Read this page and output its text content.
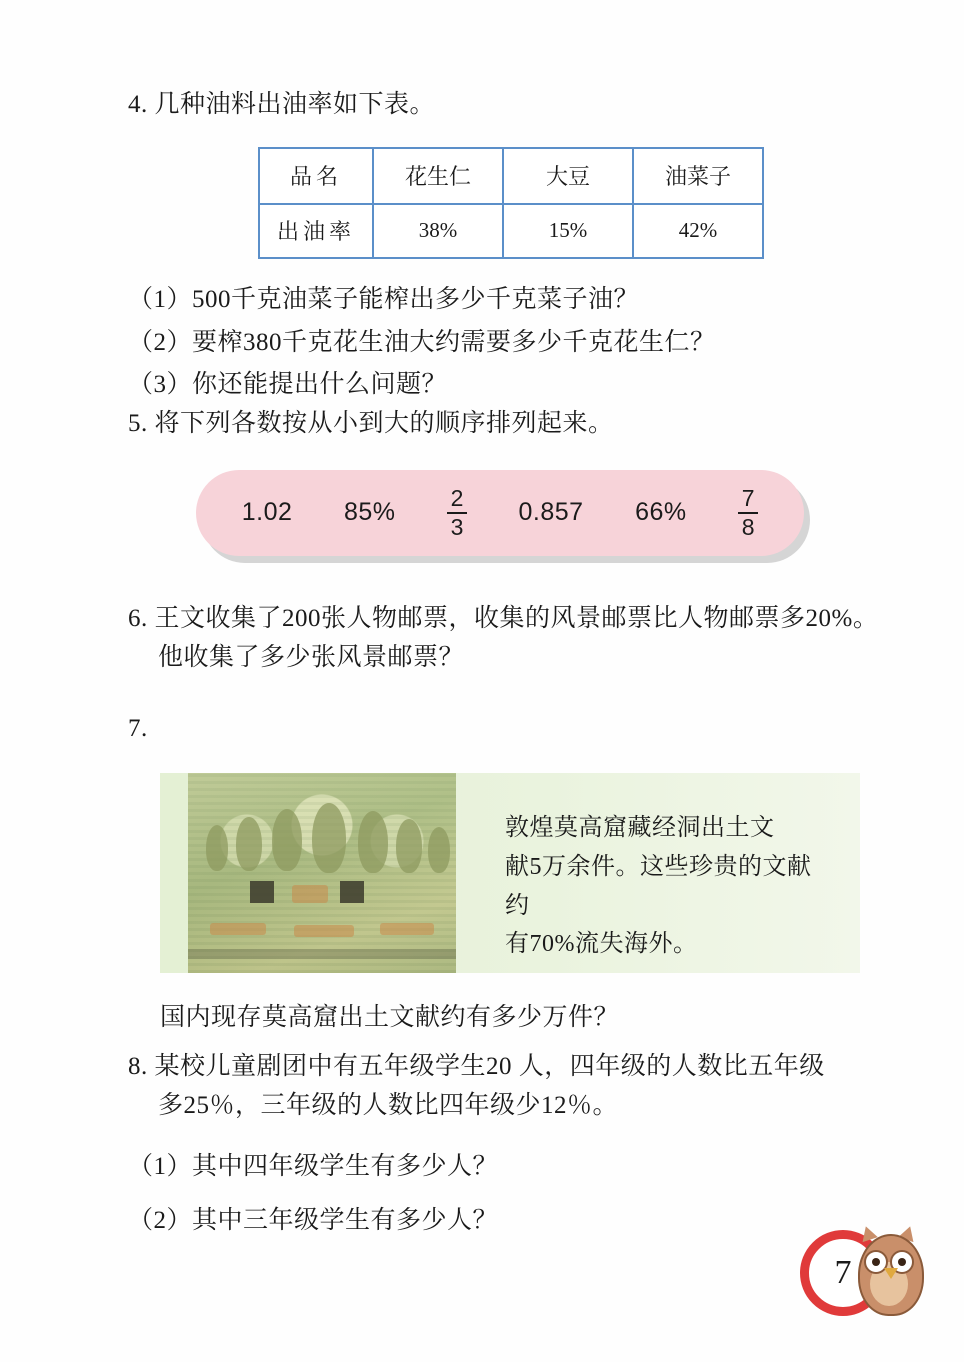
4. 几种油料出油率如下表。
品名	花生仁	大豆	油菜子
出油率	38%	15%	42%
（1）500千克油菜子能榨出多少千克菜子油？
（2）要榨380千克花生油大约需要多少千克花生仁？
（3）你还能提出什么问题？
5. 将下列各数按从小到大的顺序排列起来。
1.02 $85\% \frac{2}{3} 0.857$ $66\% \frac{7}{8}$
6. 王文收集了200张人物邮票，收集的风景邮票比人物邮票多20%。
他收集了多少张风景邮票？
7.
敦煌莫高窟藏经洞出土文
献5万余件。这些珍贵的文献约
有70%流失海外。
国内现存莫高窟出土文献约有多少万件？
8. 某校儿童剧团中有五年级学生20 人，四年级的人数比五年级
多25％，三年级的人数比四年级少12％。
（1）其中四年级学生有多少人？
（2）其中三年级学生有多少人？
7
